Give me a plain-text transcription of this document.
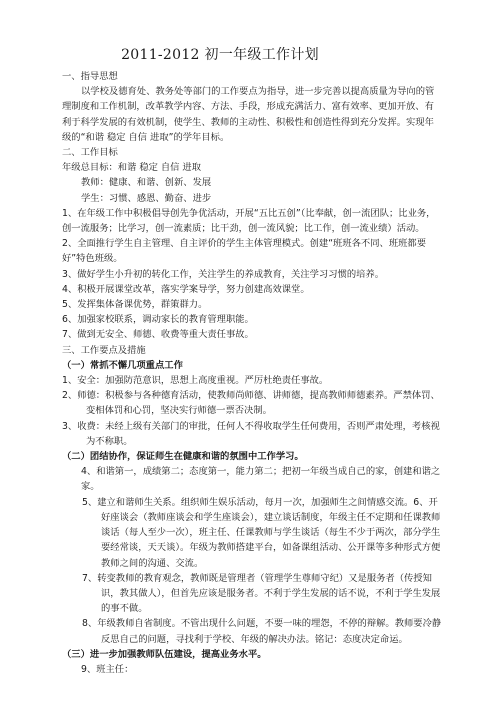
2011-2012 初一年级工作计划

一、指导思想

以学校及德育处、教务处等部门的工作要点为指导，进一步完善以提高质量为导向的管理制度和工作机制，改革教学内容、方法、手段，形成充满活力、富有效率、更加开放、有利于科学发展的有效机制，使学生、教师的主动性、积极性和创造性得到充分发挥。实现年级的“和谐 稳定 自信 进取”的学年目标。

二、工作目标

年级总目标：和谐 稳定 自信 进取

教师：健康、和谐、创新、发展

学生：习惯、感恩、勤奋、进步

1、在年级工作中积极倡导创先争优活动，开展“五比五创”（比奉献，创一流团队；比业务，创一流服务；比学习，创一流素质；比干劲，创一流风貌；比工作，创一流业绩）活动。

2、全面推行学生自主管理、自主评价的学生主体管理模式。创建“班班各不同、班班都要好”特色班级。

3、做好学生小升初的转化工作，关注学生的养成教育，关注学习习惯的培养。

4、积极开展课堂改革，落实学案导学，努力创建高效课堂。

5、发挥集体备课优势，群策群力。

6、加强家校联系，调动家长的教育管理职能。

7、做到无安全、师德、收费等重大责任事故。

三、工作要点及措施

（一）常抓不懈几项重点工作

1、安全：加强防范意识，思想上高度重视。严厉杜绝责任事故。

2、师德：积极参与各种德育活动，使教师尚师德、讲师德，提高教师师德素养。严禁体罚、变相体罚和心罚，坚决实行师德一票否决制。

3、收费：未经上级有关部门的审批，任何人不得收取学生任何费用，否则严肃处理，考核视为不称职。

（二）团结协作，保证师生在健康和谐的氛围中工作学习。

4、和谐第一，成绩第二；态度第一，能力第二；把初一年级当成自己的家，创建和谐之家。

5、建立和谐师生关系。组织师生娱乐活动，每月一次，加强师生之间情感交流。6、开好座谈会（教师座谈会和学生座谈会），建立谈话制度，年级主任不定期和任课教师谈话（每人至少一次），班主任、任课教师与学生谈话（每生不少于两次，部分学生要经常谈，天天谈）。年级为教师搭建平台，如备课组活动、公开课等多种形式方便教师之间的沟通、交流。

7、转变教师的教育观念，教师既是管理者（管理学生尊师守纪）又是服务者（传授知识，教其做人），但首先应该是服务者。不利于学生发展的话不说，不利于学生发展的事不做。

8、年级教师自省制度。不管出现什么问题，不要一味的埋怨，不停的辩解。教师要冷静反思自己的问题，寻找利于学校、年级的解决办法。铭记：态度决定命运。

（三）进一步加强教师队伍建设，提高业务水平。

9、班主任：
